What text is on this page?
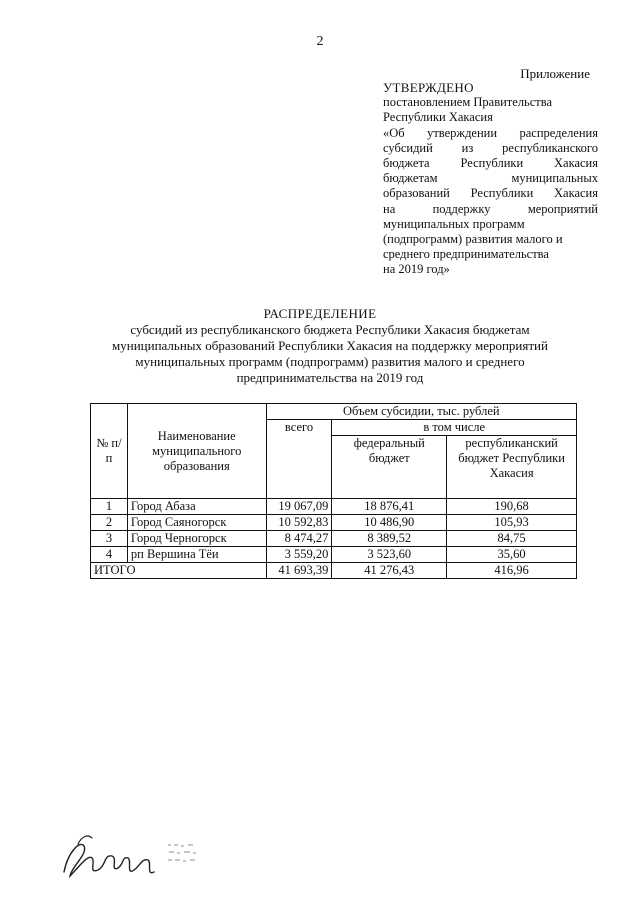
2
Приложение
УТВЕРЖДЕНО
постановлением Правительства
Республики Хакасия
«Об утверждении распределения
субсидий из республиканского
бюджета Республики Хакасия
бюджетам муниципальных
образований Республики Хакасия
на поддержку мероприятий
муниципальных программ
(подпрограмм) развития малого и
среднего предпринимательства
на 2019 год»
РАСПРЕДЕЛЕНИЕ
субсидий из республиканского бюджета Республики Хакасия бюджетам
муниципальных образований Республики Хакасия на поддержку мероприятий
муниципальных программ (подпрограмм) развития малого и среднего
предпринимательства на 2019 год
№ п/п	Наименование муниципального образования	Объем субсидии, тыс. рублей		
		всего	в том числе	
			федеральный бюджет	республиканский бюджет Республики Хакасия
1	Город Абаза	19 067,09	18 876,41	190,68
2	Город Саяногорск	10 592,83	10 486,90	105,93
3	Город Черногорск	8 474,27	8 389,52	84,75
4	рп Вершина Тёи	3 559,20	3 523,60	35,60
ИТОГО		41 693,39	41 276,43	416,96
